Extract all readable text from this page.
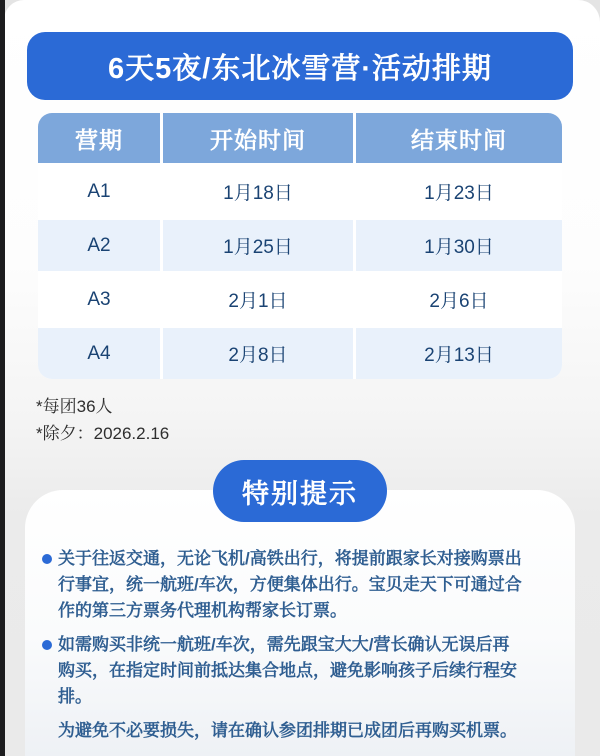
6天5夜/东北冰雪营·活动排期
营期	开始时间	结束时间
A1	1月18日	1月23日
A2	1月25日	1月30日
A3	2月1日	2月6日
A4	2月8日	2月13日
*每团36人
*除夕：2026.2.16
特别提示
关于往返交通，无论飞机/高铁出行，将提前跟家长对接购票出行事宜，统一航班/车次，方便集体出行。宝贝走天下可通过合作的第三方票务代理机构帮家长订票。
如需购买非统一航班/车次，需先跟宝大大/营长确认无误后再购买，在指定时间前抵达集合地点，避免影响孩子后续行程安排。

为避免不必要损失，请在确认参团排期已成团后再购买机票。
